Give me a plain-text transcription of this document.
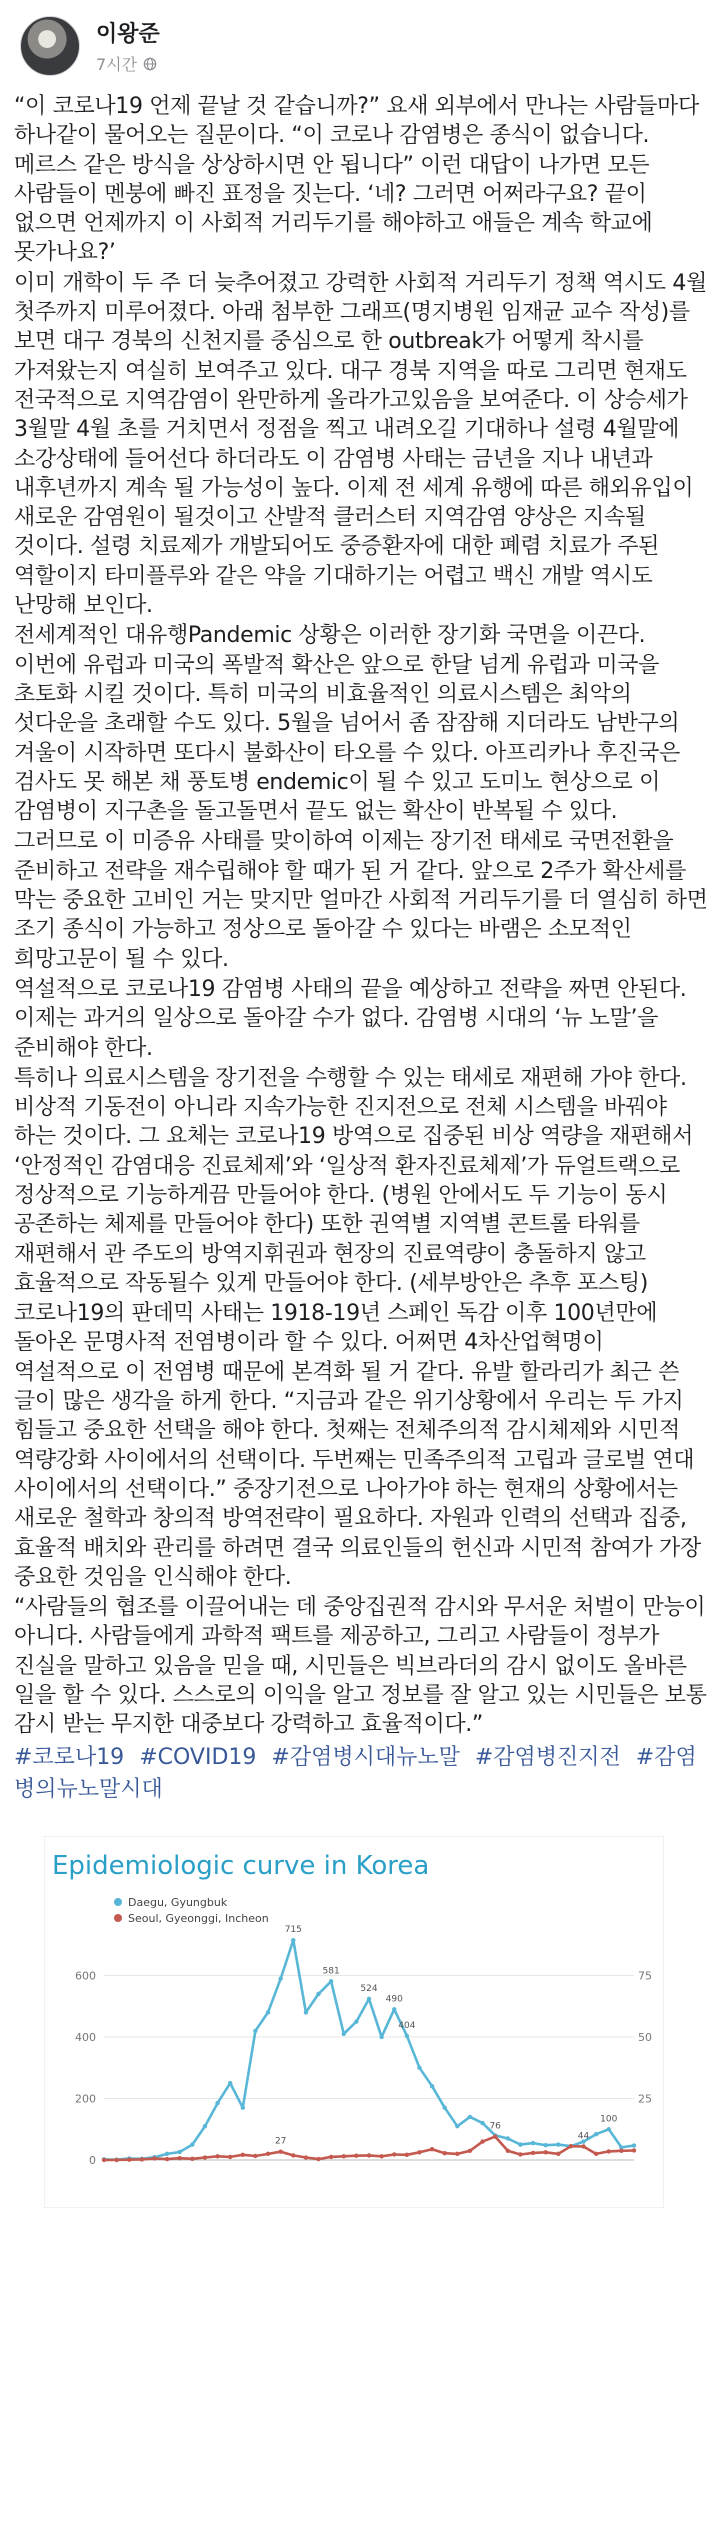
이왕준
7시간

“이 코로나19 언제 끝날 것 같습니까?” 요새 외부에서 만나는 사람들마다 하나같이 물어오는 질문이다. “이 코로나 감염병은 종식이 없습니다. 메르스 같은 방식을 상상하시면 안 됩니다” 이런 대답이 나가면 모든 사람들이 멘붕에 빠진 표정을 짓는다. ‘네? 그러면 어쩌라구요? 끝이 없으면 언제까지 이 사회적 거리두기를 해야하고 애들은 계속 학교에 못가나요?’

이미 개학이 두 주 더 늦추어졌고 강력한 사회적 거리두기 정책 역시도 4월 첫주까지 미루어졌다. 아래 첨부한 그래프(명지병원 임재균 교수 작성)를 보면 대구 경북의 신천지를 중심으로 한 outbreak가 어떻게 착시를 가져왔는지 여실히 보여주고 있다. 대구 경북 지역을 따로 그리면 현재도 전국적으로 지역감염이 완만하게 올라가고있음을 보여준다. 이 상승세가 3월말 4월 초를 거치면서 정점을 찍고 내려오길 기대하나 설령 4월말에 소강상태에 들어선다 하더라도 이 감염병 사태는 금년을 지나 내년과 내후년까지 계속 될 가능성이 높다. 이제 전 세계 유행에 따른 해외유입이 새로운 감염원이 될것이고 산발적 클러스터 지역감염 양상은 지속될 것이다. 설령 치료제가 개발되어도 중증환자에 대한 폐렴 치료가 주된 역할이지 타미플루와 같은 약을 기대하기는 어렵고 백신 개발 역시도 난망해 보인다.

전세계적인 대유행Pandemic 상황은 이러한 장기화 국면을 이끈다. 이번에 유럽과 미국의 폭발적 확산은 앞으로 한달 넘게 유럽과 미국을 초토화 시킬 것이다. 특히 미국의 비효율적인 의료시스템은 최악의 섯다운을 초래할 수도 있다. 5월을 넘어서 좀 잠잠해 지더라도 남반구의 겨울이 시작하면 또다시 불화산이 타오를 수 있다. 아프리카나 후진국은 검사도 못 해본 채 풍토병 endemic이 될 수 있고 도미노 현상으로 이 감염병이 지구촌을 돌고돌면서 끝도 없는 확산이 반복될 수 있다.

그러므로 이 미증유 사태를 맞이하여 이제는 장기전 태세로 국면전환을 준비하고 전략을 재수립해야 할 때가 된 거 같다. 앞으로 2주가 확산세를 막는 중요한 고비인 거는 맞지만 얼마간 사회적 거리두기를 더 열심히 하면 조기 종식이 가능하고 정상으로 돌아갈 수 있다는 바램은 소모적인 희망고문이 될 수 있다.

역설적으로 코로나19 감염병 사태의 끝을 예상하고 전략을 짜면 안된다. 이제는 과거의 일상으로 돌아갈 수가 없다. 감염병 시대의 ‘뉴 노말’을 준비해야 한다.

특히나 의료시스템을 장기전을 수행할 수 있는 태세로 재편해 가야 한다. 비상적 기동전이 아니라 지속가능한 진지전으로 전체 시스템을 바꿔야 하는 것이다. 그 요체는 코로나19 방역으로 집중된 비상 역량을 재편해서 ‘안정적인 감염대응 진료체제’와 ‘일상적 환자진료체제’가 듀얼트랙으로 정상적으로 기능하게끔 만들어야 한다. (병원 안에서도 두 기능이 동시 공존하는 체제를 만들어야 한다) 또한 권역별 지역별 콘트롤 타워를 재편해서 관 주도의 방역지휘권과 현장의 진료역량이 충돌하지 않고 효율적으로 작동될수 있게 만들어야 한다. (세부방안은 추후 포스팅)

코로나19의 판데믹 사태는 1918-19년 스페인 독감 이후 100년만에 돌아온 문명사적 전염병이라 할 수 있다. 어쩌면 4차산업혁명이 역설적으로 이 전염병 때문에 본격화 될 거 같다. 유발 할라리가 최근 쓴 글이 많은 생각을 하게 한다. “지금과 같은 위기상황에서 우리는 두 가지 힘들고 중요한 선택을 해야 한다. 첫째는 전체주의적 감시체제와 시민적 역량강화 사이에서의 선택이다. 두번째는 민족주의적 고립과 글로벌 연대 사이에서의 선택이다.” 중장기전으로 나아가야 하는 현재의 상황에서는 새로운 철학과 창의적 방역전략이 필요하다. 자원과 인력의 선택과 집중, 효율적 배치와 관리를 하려면 결국 의료인들의 헌신과 시민적 참여가 가장 중요한 것임을 인식해야 한다.

“사람들의 협조를 이끌어내는 데 중앙집권적 감시와 무서운 처벌이 만능이 아니다. 사람들에게 과학적 팩트를 제공하고, 그리고 사람들이 정부가 진실을 말하고 있음을 믿을 때, 시민들은 빅브라더의 감시 없이도 올바른 일을 할 수 있다. 스스로의 이익을 알고 정보를 잘 알고 있는 시민들은 보통 감시 받는 무지한 대중보다 강력하고 효율적이다.”

#코로나19 #COVID19 #감염병시대뉴노말 #감염병진지전 #감염병의뉴노말시대
Epidemiologic curve in Korea
0
200
400
600
25
50
75
715
581
524
490
404
100
Daegu, Gyungbuk
27
76
44
Seoul, Gyeonggi, Incheon
